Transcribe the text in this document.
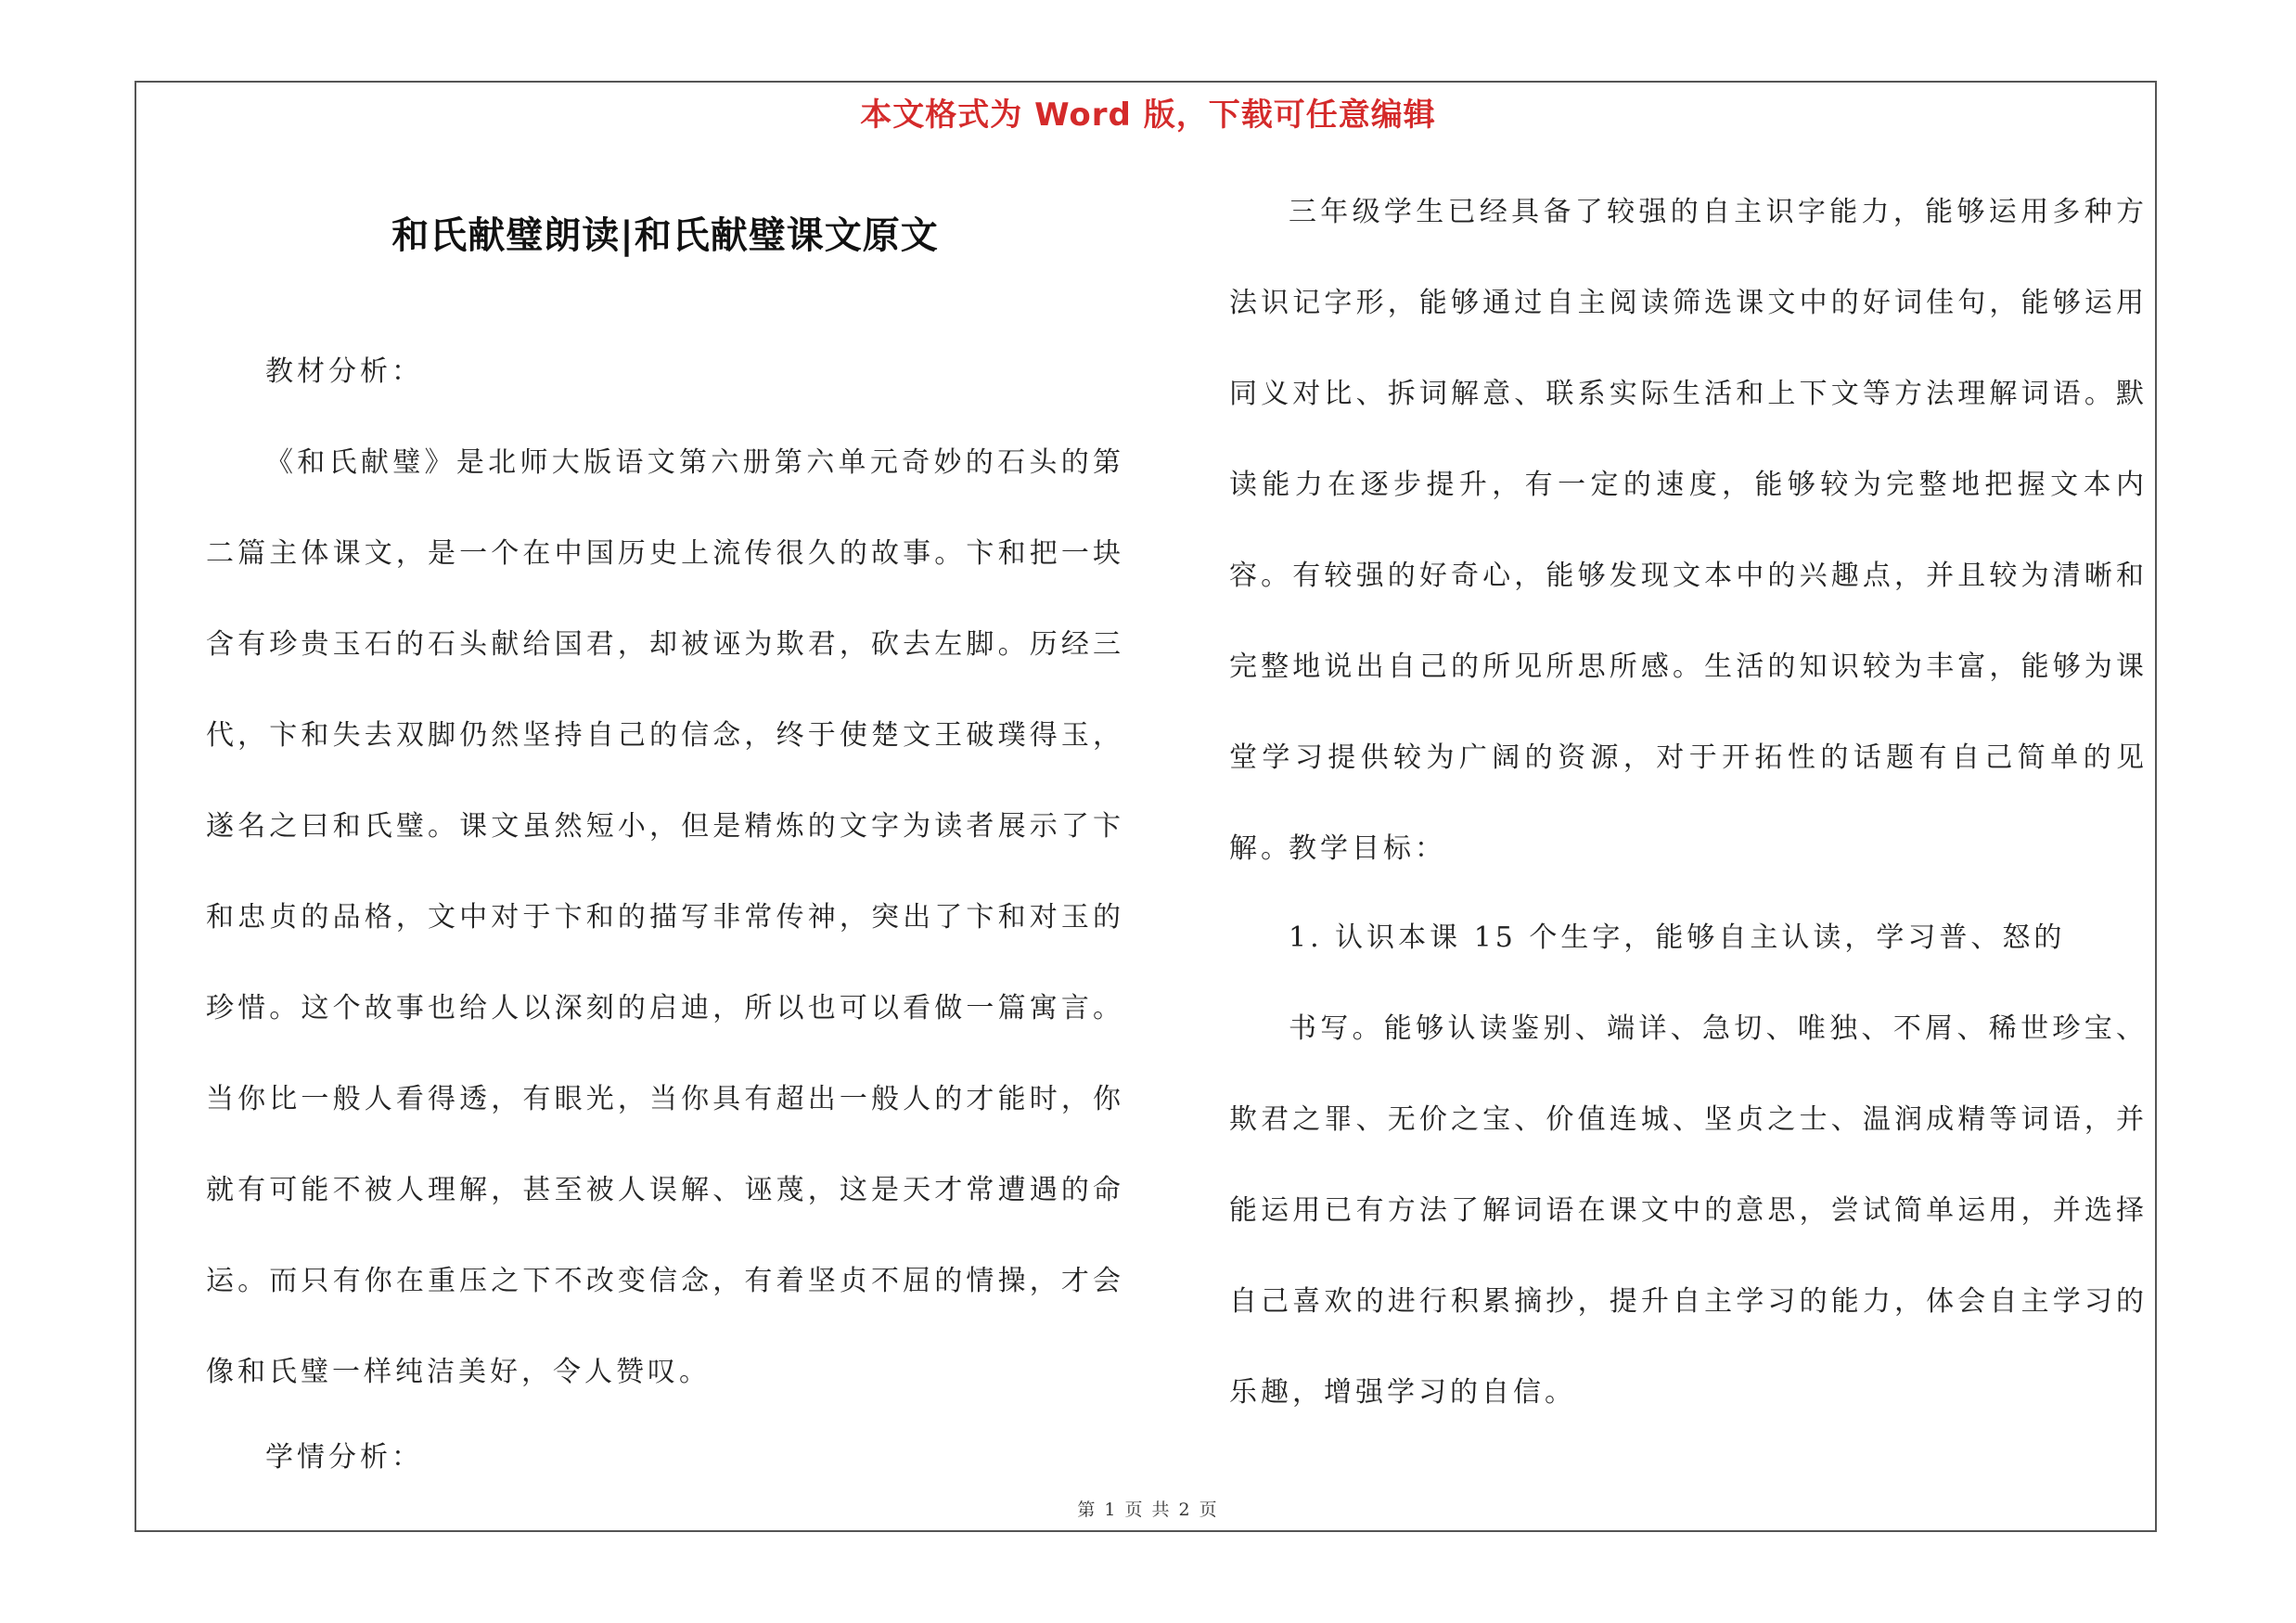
本文格式为 Word 版，下载可任意编辑
和氏献璧朗读|和氏献璧课文原文

教材分析：

《和氏献璧》是北师大版语文第六册第六单元奇妙的石头的第二篇主体课文，是一个在中国历史上流传很久的故事。卞和把一块含有珍贵玉石的石头献给国君，却被诬为欺君，砍去左脚。历经三代，卞和失去双脚仍然坚持自己的信念，终于使楚文王破璞得玉，遂名之曰和氏璧。课文虽然短小，但是精炼的文字为读者展示了卞和忠贞的品格，文中对于卞和的描写非常传神，突出了卞和对玉的珍惜。这个故事也给人以深刻的启迪，所以也可以看做一篇寓言。当你比一般人看得透，有眼光，当你具有超出一般人的才能时，你就有可能不被人理解，甚至被人误解、诬蔑，这是天才常遭遇的命运。而只有你在重压之下不改变信念，有着坚贞不屈的情操，才会像和氏璧一样纯洁美好，令人赞叹。

学情分析：

三年级学生已经具备了较强的自主识字能力，能够运用多种方法识记字形，能够通过自主阅读筛选课文中的好词佳句，能够运用同义对比、拆词解意、联系实际生活和上下文等方法理解词语。默读能力在逐步提升，有一定的速度，能够较为完整地把握文本内容。有较强的好奇心，能够发现文本中的兴趣点，并且较为清晰和完整地说出自己的所见所思所感。生活的知识较为丰富，能够为课堂学习提供较为广阔的资源，对于开拓性的话题有自己简单的见解。

教学目标：

1. 认识本课 15 个生字，能够自主认读，学习普、怒的

书写。能够认读鉴别、端详、急切、唯独、不屑、稀世珍宝、欺君之罪、无价之宝、价值连城、坚贞之士、温润成精等词语，并能运用已有方法了解词语在课文中的意思，尝试简单运用，并选择自己喜欢的进行积累摘抄，提升自主学习的能力，体会自主学习的乐趣，增强学习的自信。

第 1 页 共 2 页
